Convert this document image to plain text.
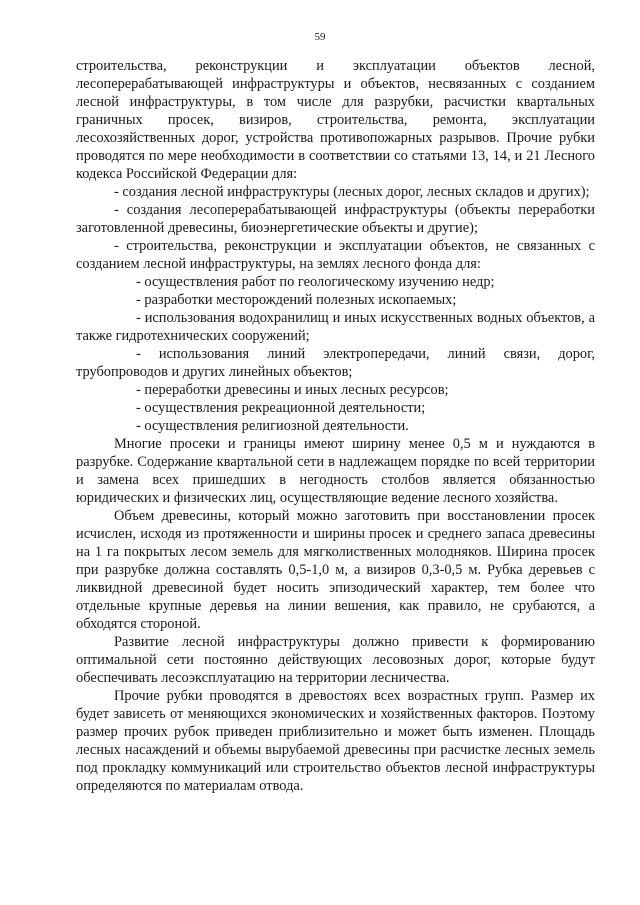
59

строительства, реконструкции и эксплуатации объектов лесной, лесоперерабатывающей инфраструктуры и объектов, несвязанных с созданием лесной инфраструктуры, в том числе для разрубки, расчистки квартальных граничных просек, визиров, строительства, ремонта, эксплуатации лесохозяйственных дорог, устройства противопожарных разрывов. Прочие рубки проводятся по мере необходимости в соответствии со статьями 13, 14, и 21 Лесного кодекса Российской Федерации для:

- создания лесной инфраструктуры (лесных дорог, лесных складов и других);

- создания лесоперерабатывающей инфраструктуры (объекты переработки заготовленной древесины, биоэнергетические объекты и другие);

- строительства, реконструкции и эксплуатации объектов, не связанных с созданием лесной инфраструктуры, на землях лесного фонда для:

- осуществления работ по геологическому изучению недр;

- разработки месторождений полезных ископаемых;

- использования водохранилищ и иных искусственных водных объектов, а также гидротехнических сооружений;

- использования линий электропередачи, линий связи, дорог, трубопроводов и других линейных объектов;

- переработки древесины и иных лесных ресурсов;

- осуществления рекреационной деятельности;

- осуществления религиозной деятельности.

Многие просеки и границы имеют ширину менее 0,5 м и нуждаются в разрубке. Содержание квартальной сети в надлежащем порядке по всей территории и замена всех пришедших в негодность столбов является обязанностью юридических и физических лиц, осуществляющие ведение лесного хозяйства.

Объем древесины, который можно заготовить при восстановлении просек исчислен, исходя из протяженности и ширины просек и среднего запаса древесины на 1 га покрытых лесом земель для мягколиственных молодняков. Ширина просек при разрубке должна составлять 0,5-1,0 м, а визиров 0,3-0,5 м. Рубка деревьев с ликвидной древесиной будет носить эпизодический характер, тем более что отдельные крупные деревья на линии вешения, как правило, не срубаются, а обходятся стороной.

Развитие лесной инфраструктуры должно привести к формированию оптимальной сети постоянно действующих лесовозных дорог, которые будут обеспечивать лесоэксплуатацию на территории лесничества.

Прочие рубки проводятся в древостоях всех возрастных групп. Размер их будет зависеть от меняющихся экономических и хозяйственных факторов. Поэтому размер прочих рубок приведен приблизительно и может быть изменен. Площадь лесных насаждений и объемы вырубаемой древесины при расчистке лесных земель под прокладку коммуникаций или строительство объектов лесной инфраструктуры определяются по материалам отвода.
